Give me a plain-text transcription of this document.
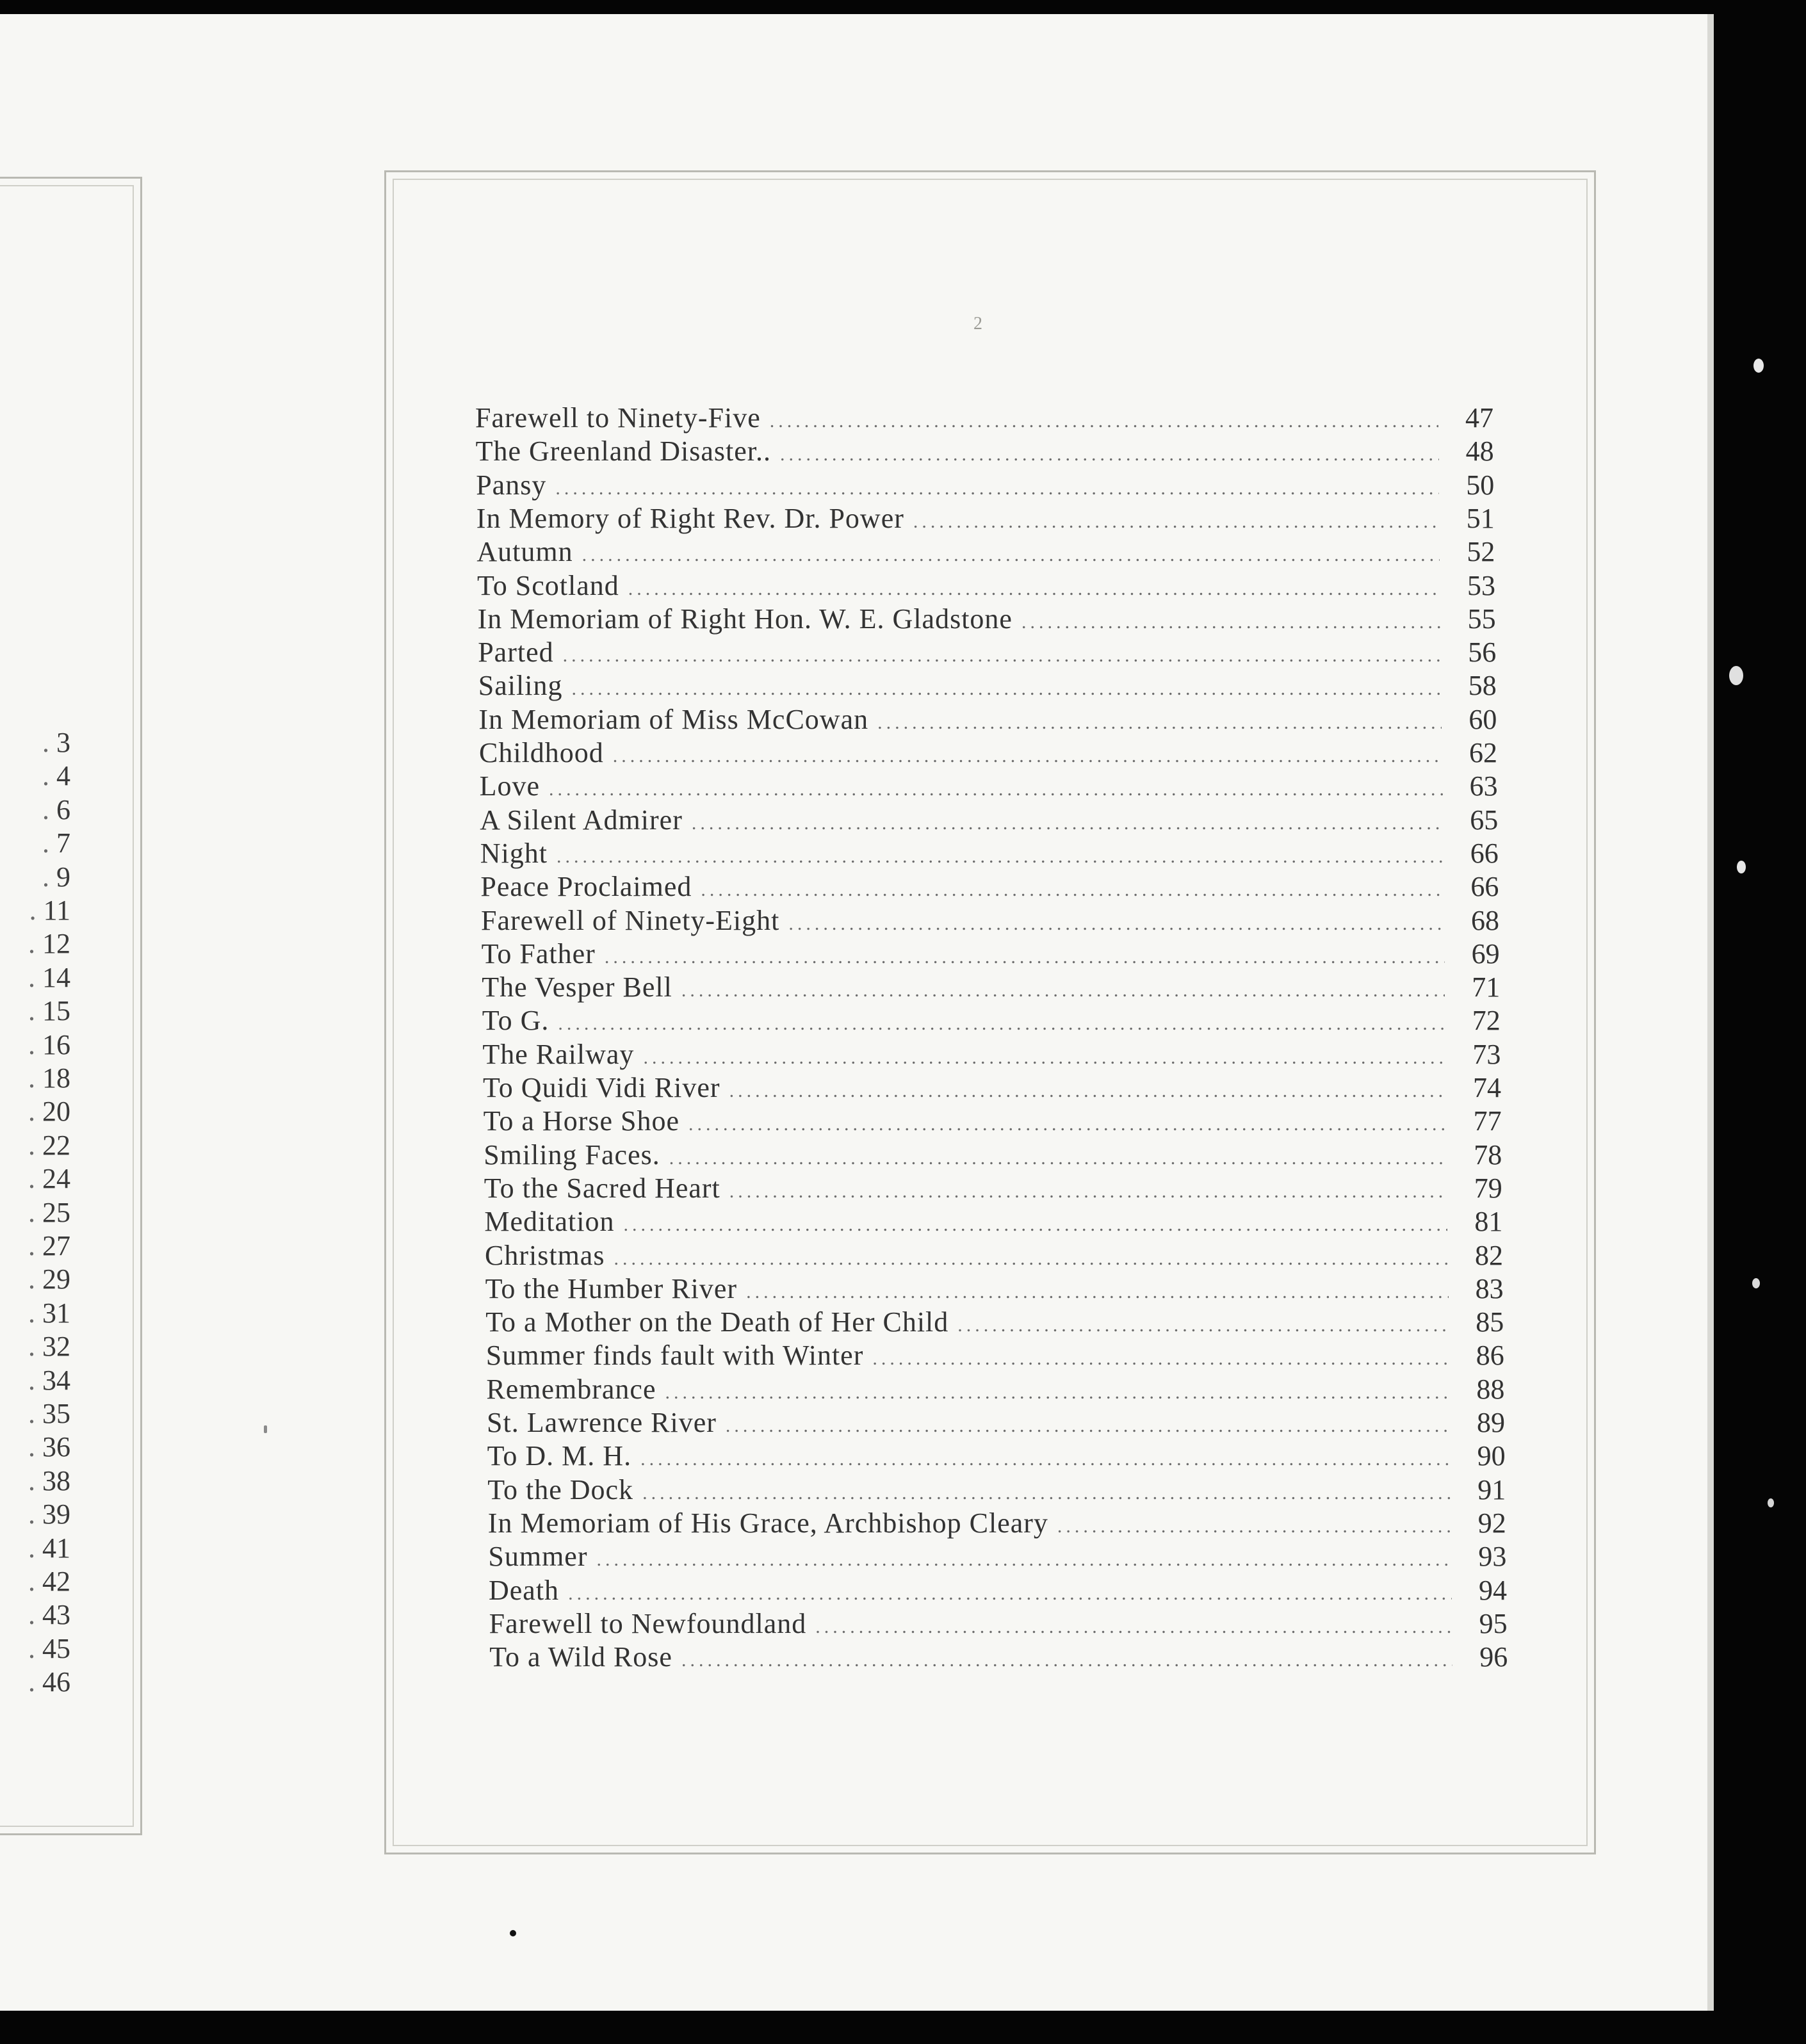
. 3
. 4
. 6
. 7
. 9
. 11
. 12
. 14
. 15
. 16
. 18
. 20
. 22
. 24
. 25
. 27
. 29
. 31
. 32
. 34
. 35
. 36
. 38
. 39
. 41
. 42
. 43
. 45
. 46
2
Farewell to Ninety-Five .....	47
The Greenland Disaster.. .....	48
Pansy .....	50
In Memory of Right Rev. Dr. Power .....	51
Autumn .....	52
To Scotland .....	53
In Memoriam of Right Hon. W. E. Gladstone .....	55
Parted .....	56
Sailing .....	58
In Memoriam of Miss McCowan .....	60
Childhood .....	62
Love .....	63
A Silent Admirer .....	65
Night .....	66
Peace Proclaimed .....	66
Farewell of Ninety-Eight .....	68
To Father .....	69
The Vesper Bell .....	71
To G. .....	72
The Railway .....	73
To Quidi Vidi River .....	74
To a Horse Shoe .....	77
Smiling Faces. .....	78
To the Sacred Heart .....	79
Meditation .....	81
Christmas .....	82
To the Humber River .....	83
To a Mother on the Death of Her Child .....	85
Summer finds fault with Winter .....	86
Remembrance .....	88
St. Lawrence River .....	89
To D. M. H. .....	90
To the Dock .....	91
In Memoriam of His Grace, Archbishop Cleary .....	92
Summer .....	93
Death .....	94
Farewell to Newfoundland .....	95
To a Wild Rose .....	96
